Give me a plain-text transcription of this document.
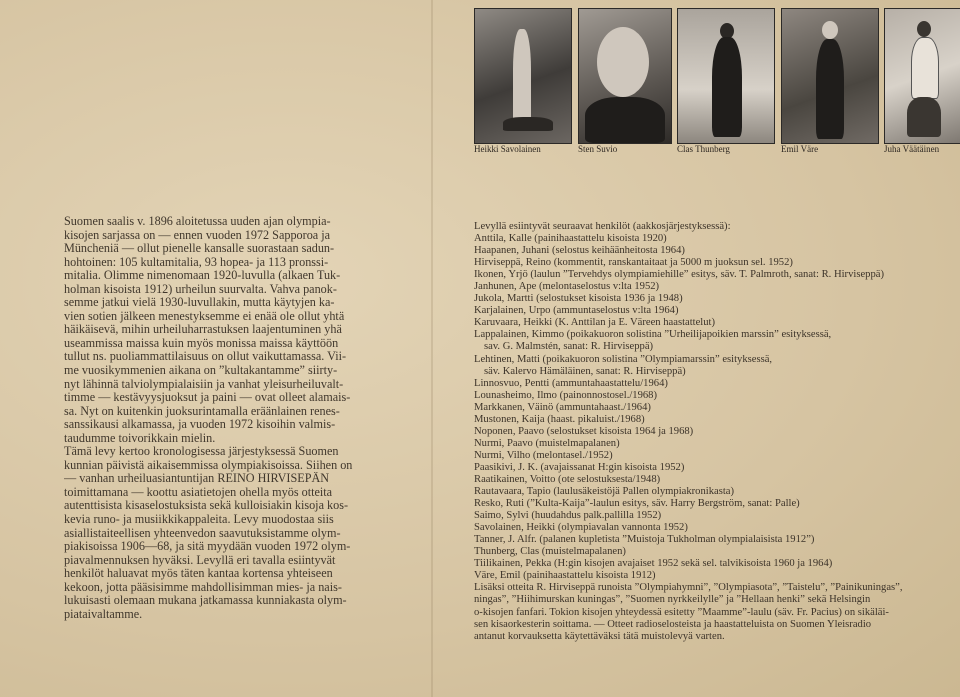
Heikki Savolainen	Sten Suvio	Clas Thunberg	Emil Väre	Juha Väätäinen
Suomen saalis v. 1896 aloitetussa uuden ajan olympia-
kisojen sarjassa on — ennen vuoden 1972 Sapporoa ja
Müncheniä — ollut pienelle kansalle suorastaan sadun-
hohtoinen: 105 kultamitalia, 93 hopea- ja 113 pronssi-
mitalia. Olimme nimenomaan 1920-luvulla (alkaen Tuk-
holman kisoista 1912) urheilun suurvalta. Vahva panok-
semme jatkui vielä 1930-luvullakin, mutta käytyjen ka-
vien sotien jälkeen menestyksemme ei enää ole ollut yhtä
häikäisevä, mihin urheiluharrastuksen laajentuminen yhä
useammissa maissa kuin myös monissa maissa käyttöön
tullut ns. puoliammattilaisuus on ollut vaikuttamassa. Vii-
me vuosikymmenien aikana on ”kultakantamme” siirty-
nyt lähinnä talviolympialaisiin ja vanhat yleisurheiluvalt-
timme — kestävyysjuoksut ja paini — ovat olleet alamais-
sa. Nyt on kuitenkin juoksurintamalla eräänlainen renes-
sanssikausi alkamassa, ja vuoden 1972 kisoihin valmis-
taudumme toivorikkain mielin.
Tämä levy kertoo kronologisessa järjestyksessä Suomen
kunnian päivistä aikaisemmissa olympiakisoissa. Siihen on
— vanhan urheiluasiantuntijan REINO HIRVISEPÄN
toimittamana — koottu asiatietojen ohella myös otteita
autenttisista kisaselostuksista sekä kulloisiakin kisoja kos-
kevia runo- ja musiikkikappaleita. Levy muodostaa siis
asiallistaiteellisen yhteenvedon saavutuksistamme olym-
piakisoissa 1906—68, ja sitä myydään vuoden 1972 olym-
piavalmennuksen hyväksi. Levyllä eri tavalla esiintyvät
henkilöt haluavat myös täten kantaa kortensa yhteiseen
kekoon, jotta pääsisimme mahdollisimman mies- ja nais-
lukuisasti olemaan mukana jatkamassa kunniakasta olym-
piataivaltamme.
Levyllä esiintyvät seuraavat henkilöt (aakkosjärjestyksessä):
Anttila, Kalle (painihaastattelu kisoista 1920)
Haapanen, Juhani (selostus keihäänheitosta 1964)
Hirviseppä, Reino (kommentit, ranskantaitaat ja 5000 m juoksun sel. 1952)
Ikonen, Yrjö (laulun ”Tervehdys olympiamiehille” esitys, säv. T. Palmroth, sanat: R. Hirviseppä)
Janhunen, Ape (melontaselostus v:lta 1952)
Jukola, Martti (selostukset kisoista 1936 ja 1948)
Karjalainen, Urpo (ammuntaselostus v:lta 1964)
Karuvaara, Heikki (K. Anttilan ja E. Väreen haastattelut)
Lappalainen, Kimmo (poikakuoron solistina ”Urheilijapoikien marssin” esityksessä,
sav. G. Malmstén, sanat: R. Hirviseppä)
Lehtinen, Matti (poikakuoron solistina ”Olympiamarssin” esityksessä,
säv. Kalervo Hämäläinen, sanat: R. Hirviseppä)
Linnosvuo, Pentti (ammuntahaastattelu/1964)
Lounasheimo, Ilmo (painonnostosel./1968)
Markkanen, Väinö (ammuntahaast./1964)
Mustonen, Kaija (haast. pikaluist./1968)
Noponen, Paavo (selostukset kisoista 1964 ja 1968)
Nurmi, Paavo (muistelmapalanen)
Nurmi, Vilho (melontasel./1952)
Paasikivi, J. K. (avajaissanat H:gin kisoista 1952)
Raatikainen, Voitto (ote selostuksesta/1948)
Rautavaara, Tapio (laulusäkeistöjä Pallen olympiakronikasta)
Resko, Ruti (”Kulta-Kaija”-laulun esitys, säv. Harry Bergström, sanat: Palle)
Saimo, Sylvi (huudahdus palk.pallilla 1952)
Savolainen, Heikki (olympiavalan vannonta 1952)
Tanner, J. Alfr. (palanen kupletista ”Muistoja Tukholman olympialaisista 1912”)
Thunberg, Clas (muistelmapalanen)
Tiilikainen, Pekka (H:gin kisojen avajaiset 1952 sekä sel. talvikisoista 1960 ja 1964)
Väre, Emil (painihaastattelu kisoista 1912)
Lisäksi otteita R. Hirviseppä runoista ”Olympiahymni”, ”Olympiasota”, ”Taistelu”, ”Painikuningas”,
ningas”, ”Hiihimurskan kuningas”, ”Suomen nyrkkeilylle” ja ”Hellaan henki” sekä Helsingin
o-kisojen fanfari. Tokion kisojen yhteydessä esitetty ”Maamme”-laulu (säv. Fr. Pacius) on sikäläi-
sen kisaorkesterin soittama. — Otteet radioselosteista ja haastatteluista on Suomen Yleisradio
antanut korvauksetta käytettäväksi tätä muistolevyä varten.
